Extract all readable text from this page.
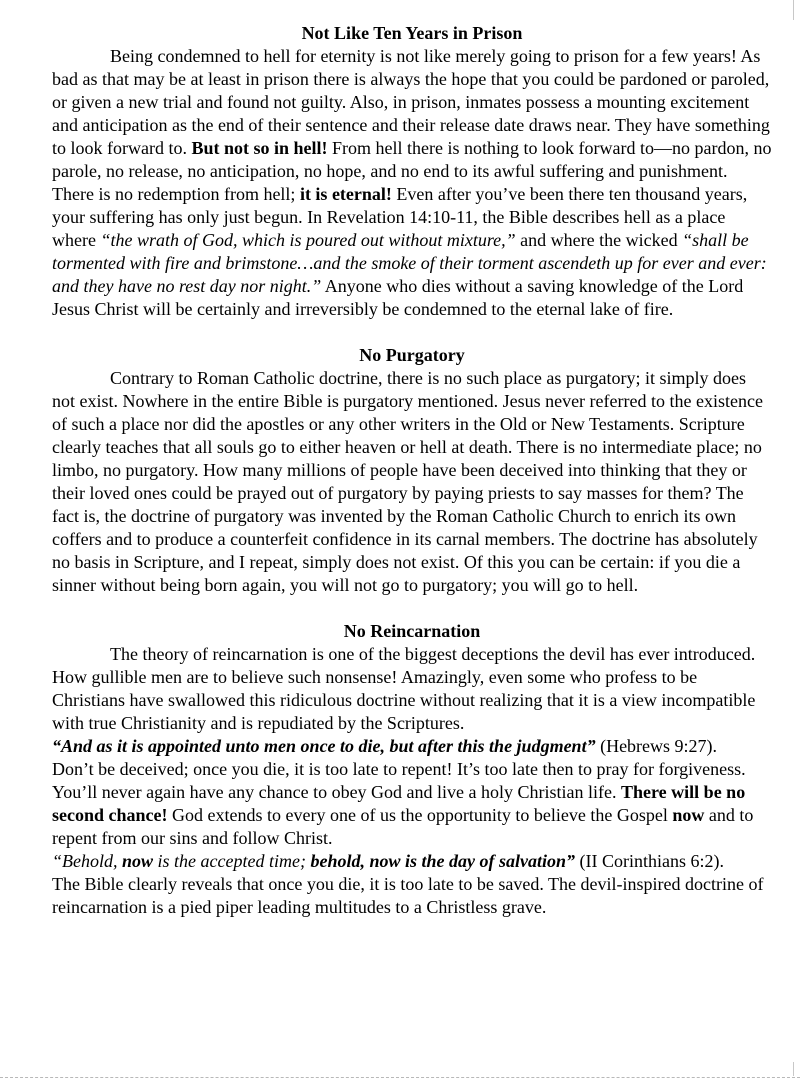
Not Like Ten Years in Prison

Being condemned to hell for eternity is not like merely going to prison for a few years! As bad as that may be at least in prison there is always the hope that you could be pardoned or paroled, or given a new trial and found not guilty. Also, in prison, inmates possess a mounting excitement and anticipation as the end of their sentence and their release date draws near. They have something to look forward to. But not so in hell! From hell there is nothing to look forward to—no pardon, no parole, no release, no anticipation, no hope, and no end to its awful suffering and punishment. There is no redemption from hell; it is eternal! Even after you’ve been there ten thousand years, your suffering has only just begun. In Revelation 14:10-11, the Bible describes hell as a place where “the wrath of God, which is poured out without mixture,” and where the wicked “shall be tormented with fire and brimstone…and the smoke of their torment ascendeth up for ever and ever: and they have no rest day nor night.” Anyone who dies without a saving knowledge of the Lord Jesus Christ will be certainly and irreversibly be condemned to the eternal lake of fire.

No Purgatory

Contrary to Roman Catholic doctrine, there is no such place as purgatory; it simply does not exist. Nowhere in the entire Bible is purgatory mentioned. Jesus never referred to the existence of such a place nor did the apostles or any other writers in the Old or New Testaments. Scripture clearly teaches that all souls go to either heaven or hell at death. There is no intermediate place; no limbo, no purgatory. How many millions of people have been deceived into thinking that they or their loved ones could be prayed out of purgatory by paying priests to say masses for them? The fact is, the doctrine of purgatory was invented by the Roman Catholic Church to enrich its own coffers and to produce a counterfeit confidence in its carnal members. The doctrine has absolutely no basis in Scripture, and I repeat, simply does not exist. Of this you can be certain: if you die a sinner without being born again, you will not go to purgatory; you will go to hell.

No Reincarnation

The theory of reincarnation is one of the biggest deceptions the devil has ever introduced. How gullible men are to believe such nonsense! Amazingly, even some who profess to be Christians have swallowed this ridiculous doctrine without realizing that it is a view incompatible with true Christianity and is repudiated by the Scriptures.

“And as it is appointed unto men once to die, but after this the judgment” (Hebrews 9:27).

Don’t be deceived; once you die, it is too late to repent! It’s too late then to pray for forgiveness. You’ll never again have any chance to obey God and live a holy Christian life. There will be no second chance! God extends to every one of us the opportunity to believe the Gospel now and to repent from our sins and follow Christ.

“Behold, now is the accepted time; behold, now is the day of salvation” (II Corinthians 6:2).

The Bible clearly reveals that once you die, it is too late to be saved. The devil-inspired doctrine of reincarnation is a pied piper leading multitudes to a Christless grave.
